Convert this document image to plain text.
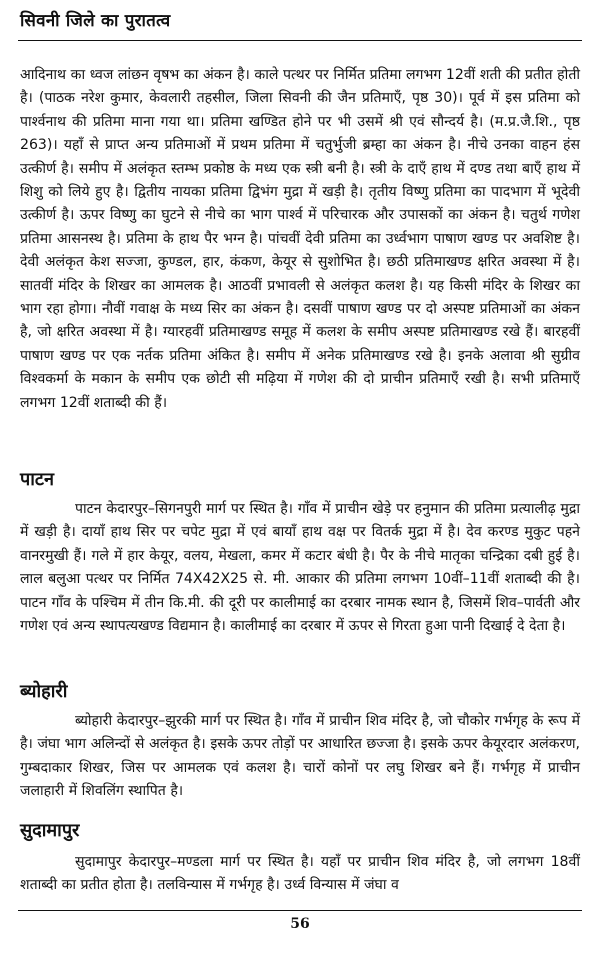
सिवनी जिले का पुरातत्व

आदिनाथ का ध्वज लांछन वृषभ का अंकन है। काले पत्थर पर निर्मित प्रतिमा लगभग 12वीं शती की प्रतीत होती है। (पाठक नरेश कुमार, केवलारी तहसील, जिला सिवनी की जैन प्रतिमाएँ, पृष्ठ 30)। पूर्व में इस प्रतिमा को पार्श्वनाथ की प्रतिमा माना गया था। प्रतिमा खण्डित होने पर भी उसमें श्री एवं सौन्दर्य है। (म.प्र.जै.शि., पृष्ठ 263)। यहाँ से प्राप्त अन्य प्रतिमाओं में प्रथम प्रतिमा में चतुर्भुजी ब्रम्हा का अंकन है। नीचे उनका वाहन हंस उत्कीर्ण है। समीप में अलंकृत स्तम्भ प्रकोष्ठ के मध्य एक स्त्री बनी है। स्त्री के दाएँ हाथ में दण्ड तथा बाएँ हाथ में शिशु को लिये हुए है। द्वितीय नायका प्रतिमा द्विभंग मुद्रा में खड़ी है। तृतीय विष्णु प्रतिमा का पादभाग में भूदेवी उत्कीर्ण है। ऊपर विष्णु का घुटने से नीचे का भाग पार्श्व में परिचारक और उपासकों का अंकन है। चतुर्थ गणेश प्रतिमा आसनस्थ है। प्रतिमा के हाथ पैर भग्न है। पांचवीं देवी प्रतिमा का उर्ध्वभाग पाषाण खण्ड पर अवशिष्ट है। देवी अलंकृत केश सज्जा, कुण्डल, हार, कंकण, केयूर से सुशोभित है। छठी प्रतिमाखण्ड क्षरित अवस्था में है। सातवीं मंदिर के शिखर का आमलक है। आठवीं प्रभावली से अलंकृत कलश है। यह किसी मंदिर के शिखर का भाग रहा होगा। नौवीं गवाक्ष के मध्य सिर का अंकन है। दसवीं पाषाण खण्ड पर दो अस्पष्ट प्रतिमाओं का अंकन है, जो क्षरित अवस्था में है। ग्यारहवीं प्रतिमाखण्ड समूह में कलश के समीप अस्पष्ट प्रतिमाखण्ड रखे हैं। बारहवीं पाषाण खण्ड पर एक नर्तक प्रतिमा अंकित है। समीप में अनेक प्रतिमाखण्ड रखे है। इनके अलावा श्री सुग्रीव विश्वकर्मा के मकान के समीप एक छोटी सी मढ़िया में गणेश की दो प्राचीन प्रतिमाएँ रखी है। सभी प्रतिमाएँ लगभग 12वीं शताब्दी की हैं।

पाटन

पाटन केदारपुर–सिगनपुरी मार्ग पर स्थित है। गाँव में प्राचीन खेड़े पर हनुमान की प्रतिमा प्रत्यालीढ़ मुद्रा में खड़ी है। दायाँ हाथ सिर पर चपेट मुद्रा में एवं बायाँ हाथ वक्ष पर वितर्क मुद्रा में है। देव करण्ड मुकुट पहने वानरमुखी हैं। गले में हार केयूर, वलय, मेखला, कमर में कटार बंधी है। पैर के नीचे मातृका चन्द्रिका दबी हुई है। लाल बलुआ पत्थर पर निर्मित 74X42X25 से. मी. आकार की प्रतिमा लगभग 10वीं–11वीं शताब्दी की है। पाटन गाँव के पश्चिम में तीन कि.मी. की दूरी पर कालीमाई का दरबार नामक स्थान है, जिसमें शिव–पार्वती और गणेश एवं अन्य स्थापत्यखण्ड विद्यमान है। कालीमाई का दरबार में ऊपर से गिरता हुआ पानी दिखाई दे देता है।

ब्योहारी

ब्योहारी केदारपुर–झुरकी मार्ग पर स्थित है। गाँव में प्राचीन शिव मंदिर है, जो चौकोर गर्भगृह के रूप में है। जंघा भाग अलिन्दों से अलंकृत है। इसके ऊपर तोड़ों पर आधारित छज्जा है। इसके ऊपर केयूरदार अलंकरण, गुम्बदाकार शिखर, जिस पर आमलक एवं कलश है। चारों कोनों पर लघु शिखर बने हैं। गर्भगृह में प्राचीन जलाहारी में शिवलिंग स्थापित है।

सुदामापुर

सुदामापुर केदारपुर–मण्डला मार्ग पर स्थित है। यहाँ पर प्राचीन शिव मंदिर है, जो लगभग 18वीं शताब्दी का प्रतीत होता है। तलविन्यास में गर्भगृह है। उर्ध्व विन्यास में जंघा व

56
